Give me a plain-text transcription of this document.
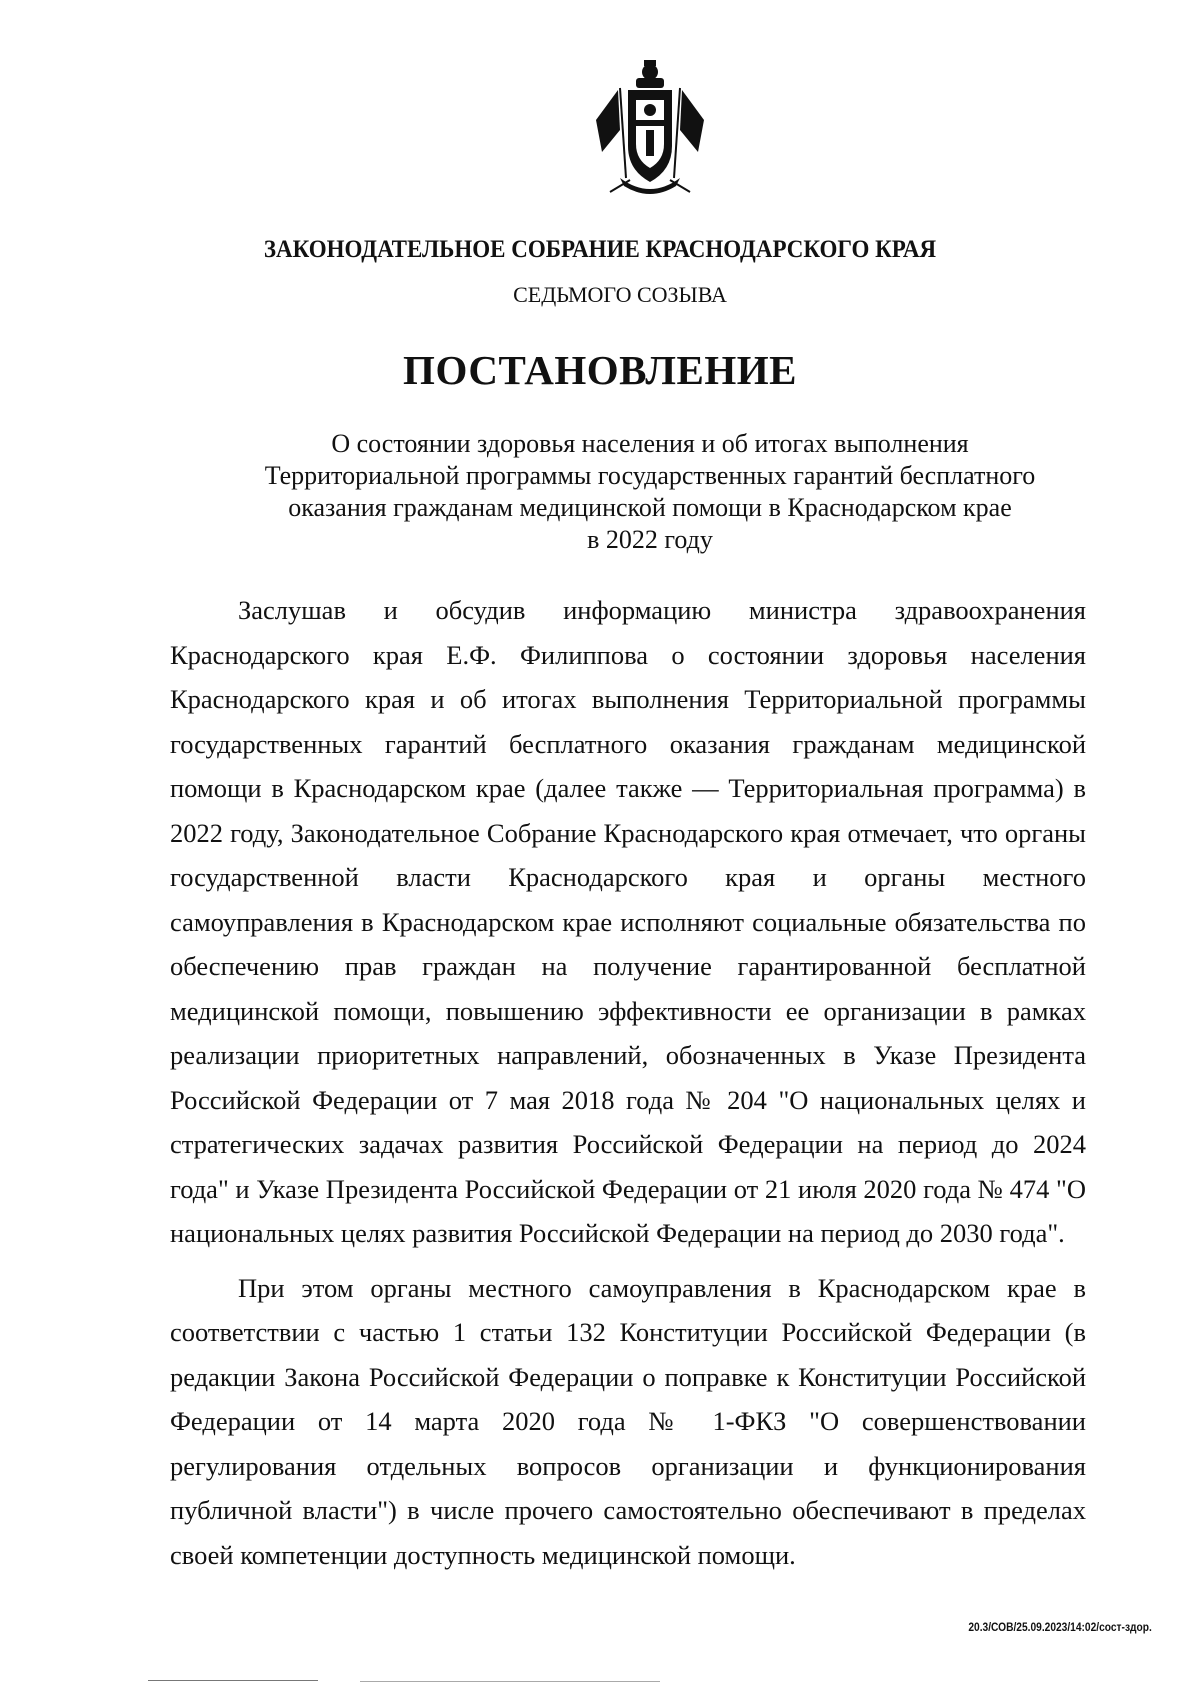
ЗАКОНОДАТЕЛЬНОЕ СОБРАНИЕ КРАСНОДАРСКОГО КРАЯ
СЕДЬМОГО СОЗЫВА
ПОСТАНОВЛЕНИЕ
О состоянии здоровья населения и об итогах выполнения
Территориальной программы государственных гарантий бесплатного
оказания гражданам медицинской помощи в Краснодарском крае
в 2022 году

Заслушав и обсудив информацию министра здравоохранения Краснодарского края Е.Ф. Филиппова о состоянии здоровья населения Краснодарского края и об итогах выполнения Территориальной программы государственных гарантий бесплатного оказания гражданам медицинской помощи в Краснодарском крае (далее также — Территориальная программа) в 2022 году, Законодательное Собрание Краснодарского края отмечает, что органы государственной власти Краснодарского края и органы местного самоуправления в Краснодарском крае исполняют социальные обязательства по обеспечению прав граждан на получение гарантированной бесплатной медицинской помощи, повышению эффективности ее организации в рамках реализации приоритетных направлений, обозначенных в Указе Президента Российской Федерации от 7 мая 2018 года № 204 "О национальных целях и стратегических задачах развития Российской Федерации на период до 2024 года" и Указе Президента Российской Федерации от 21 июля 2020 года № 474 "О национальных целях развития Российской Федерации на период до 2030 года".

При этом органы местного самоуправления в Краснодарском крае в соответствии с частью 1 статьи 132 Конституции Российской Федерации (в редакции Закона Российской Федерации о поправке к Конституции Российской Федерации от 14 марта 2020 года № 1-ФКЗ "О совершенствовании регулирования отдельных вопросов организации и функционирования публичной власти") в числе прочего самостоятельно обеспечивают в пределах своей компетенции доступность медицинской помощи.

20.3/СОВ/25.09.2023/14:02/сост-здор.
